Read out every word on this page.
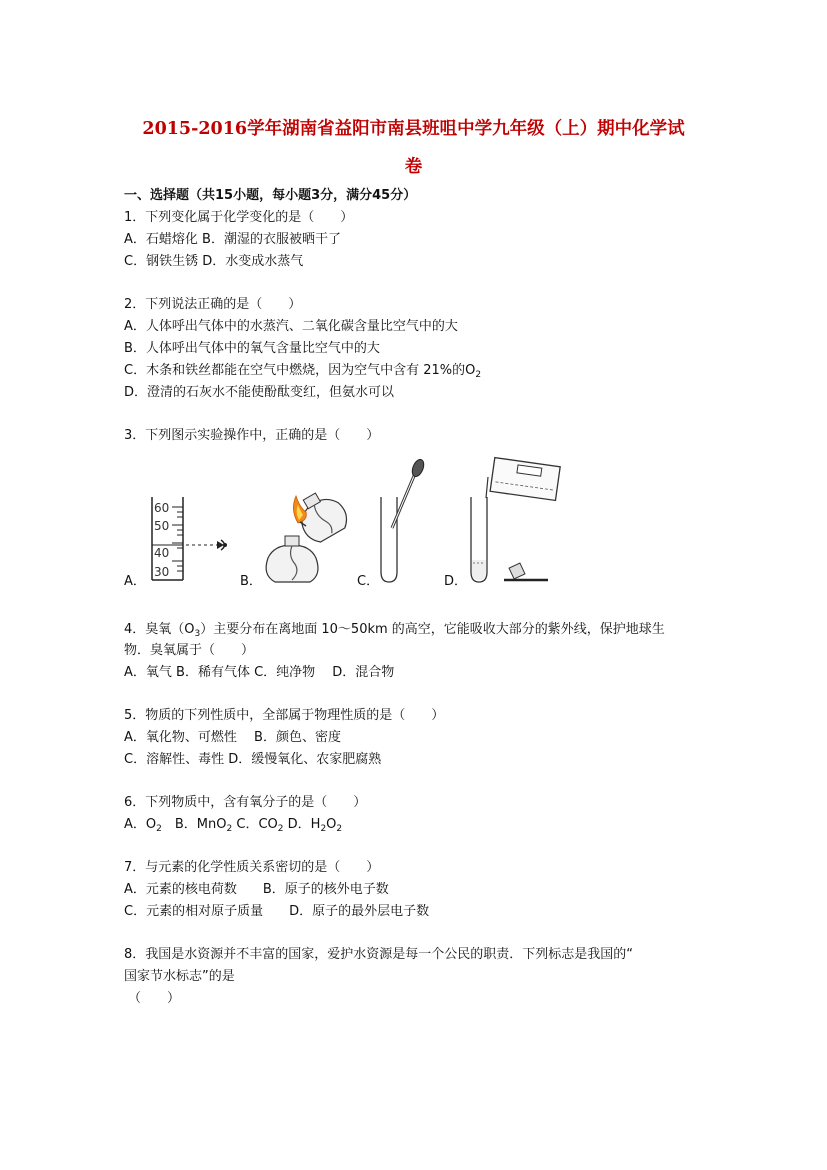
2015-2016学年湖南省益阳市南县班咀中学九年级（上）期中化学试
卷
一、选择题（共15小题，每小题3分，满分45分）
1．下列变化属于化学变化的是（　　）
A．石蜡熔化 B．潮湿的衣服被晒干了
C．钢铁生锈 D．水变成水蒸气
2．下列说法正确的是（　　）
A．人体呼出气体中的水蒸汽、二氧化碳含量比空气中的大
B．人体呼出气体中的氧气含量比空气中的大
C．木条和铁丝都能在空气中燃烧，因为空气中含有 21%的$O_2$
D．澄清的石灰水不能使酚酞变红，但氨水可以
3．下列图示实验操作中，正确的是（　　）
60
50
40
30
A．	B．	C．	D．
4．臭氧$(O_3)$主要分布在离地面 10～50km 的高空，它能吸收大部分的紫外线，保护地球生
物．臭氧属于（　　）
A．氧气 B．稀有气体 C．纯净物　 D．混合物
5．物质的下列性质中，全部属于物理性质的是（　　）
A．氧化物、可燃性　 B．颜色、密度
C．溶解性、毒性 D．缓慢氧化、农家肥腐熟
6．下列物质中，含有氧分子的是（　　）
A．$O_2$　 B．MnO$_2$ C．$CO_2$ D．$H_2O_2$
7．与元素的化学性质关系密切的是（　　）
A．元素的核电荷数　　B．原子的核外电子数
C．元素的相对原子质量　　D．原子的最外层电子数
8．我国是水资源并不丰富的国家，爱护水资源是每一个公民的职责．下列标志是我国的“
国家节水标志”的是
（　　）
